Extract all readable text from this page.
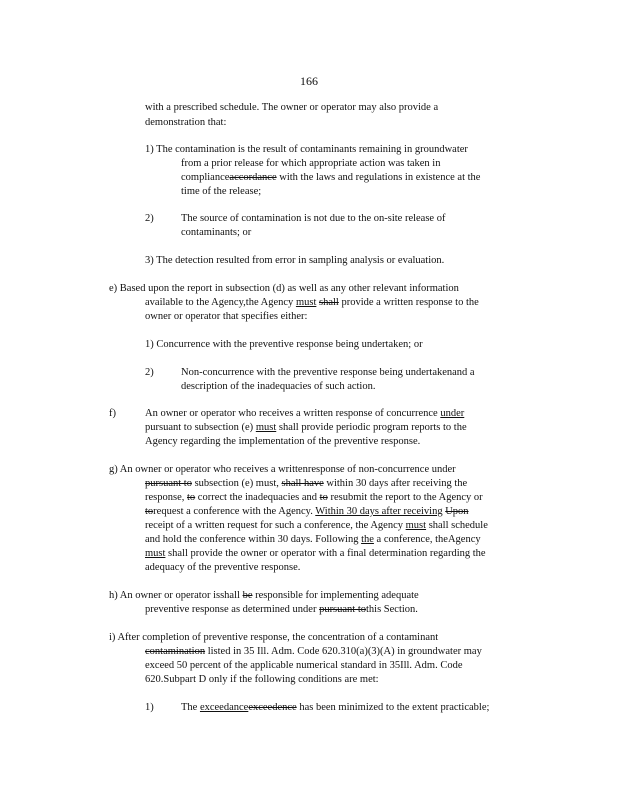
166
with a prescribed schedule. The owner or operator may also provide a
demonstration that:
1) The contamination is the result of contaminants remaining in groundwater
from a prior release for which appropriate action was taken in
complianceaccordance with the laws and regulations in existence at the
time of the release;
2)	The source of contamination is not due to the on-site release of
contaminants; or
3) The detection resulted from error in sampling analysis or evaluation.
e) Based upon the report in subsection (d) as well as any other relevant information
available to the Agency,the Agency must shall provide a written response to the
owner or operator that specifies either:
1) Concurrence with the preventive response being undertaken; or
2)	Non-concurrence with the preventive response being undertakenand a
description of the inadequacies of such action.
f)	An owner or operator who receives a written response of concurrence under
pursuant to subsection (e) must shall provide periodic program reports to the
Agency regarding the implementation of the preventive response.
g) An owner or operator who receives a writtenresponse of non-concurrence under
pursuant to subsection (e) must, shall have within 30 days after receiving the
response, to correct the inadequacies and to resubmit the report to the Agency or
torequest a conference with the Agency. Within 30 days after receiving Upon
receipt of a written request for such a conference, the Agency must shall schedule
and hold the conference within 30 days. Following the a conference, theAgency
must shall provide the owner or operator with a final determination regarding the
adequacy of the preventive response.
h) An owner or operator isshall be responsible for implementing adequate
preventive response as determined under pursuant tothis Section.
i) After completion of preventive response, the concentration of a contaminant
contamination listed in 35 Ill. Adm. Code 620.310(a)(3)(A) in groundwater may
exceed 50 percent of the applicable numerical standard in 35Ill. Adm. Code
620.Subpart D only if the following conditions are met:
1)	The exceedanceexceedence has been minimized to the extent practicable;
